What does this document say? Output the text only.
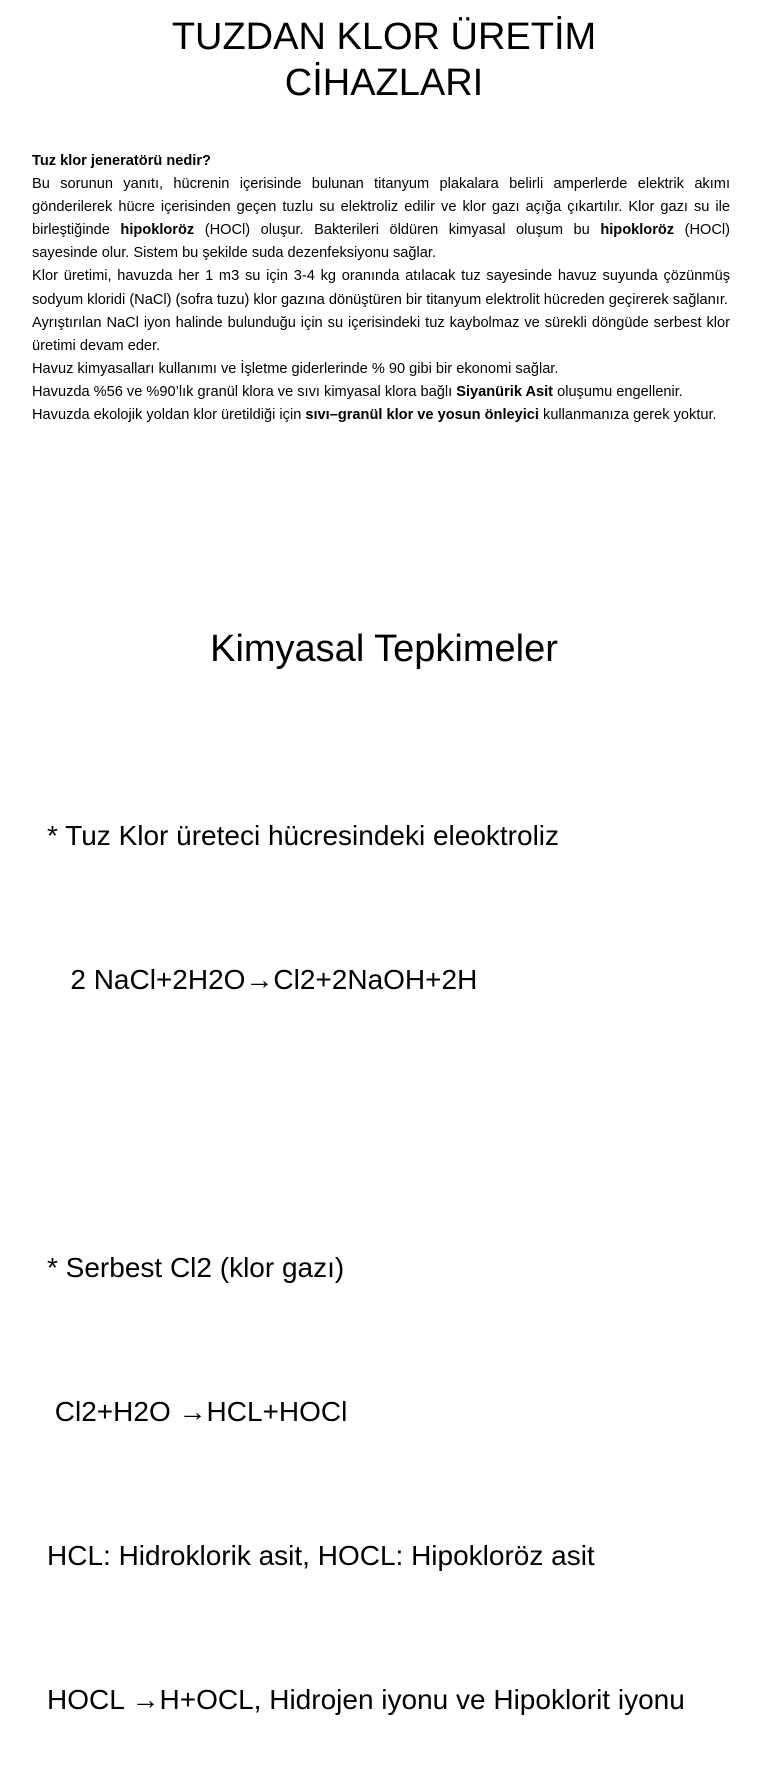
TUZDAN KLOR ÜRETİM
CİHAZLARI

Tuz klor jeneratörü nedir?

Bu sorunun yanıtı, hücrenin içerisinde bulunan titanyum plakalara belirli amperlerde elektrik akımı gönderilerek hücre içerisinden geçen tuzlu su elektroliz edilir ve klor gazı açığa çıkartılır. Klor gazı su ile birleştiğinde hipokloröz (HOCl) oluşur. Bakterileri öldüren kimyasal oluşum bu hipokloröz (HOCl) sayesinde olur. Sistem bu şekilde suda dezenfeksiyonu sağlar.

Klor üretimi, havuzda her 1 m3 su için 3-4 kg oranında atılacak tuz sayesinde havuz suyunda çözünmüş sodyum kloridi (NaCl) (sofra tuzu) klor gazına dönüştüren bir titanyum elektrolit hücreden geçirerek sağlanır.

Ayrıştırılan NaCl iyon halinde bulunduğu için su içerisindeki tuz kaybolmaz ve sürekli döngüde serbest klor üretimi devam eder.

Havuz kimyasalları kullanımı ve İşletme giderlerinde % 90 gibi bir ekonomi sağlar.

Havuzda %56 ve %90’lık granül klora ve sıvı kimyasal klora bağlı Siyanürik Asit oluşumu engellenir.

Havuzda ekolojik yoldan klor üretildiği için sıvı–granül klor ve yosun önleyici kullanmanıza gerek yoktur.

Kimyasal Tepkimeler

* Tuz Klor üreteci hücresindeki eleoktroliz

2 NaCl+2H2O→Cl2+2NaOH+2H

* Serbest Cl2 (klor gazı)

Cl2+H2O →HCL+HOCl

HCL: Hidroklorik asit, HOCL: Hipokloröz asit

HOCL →H+OCL, Hidrojen iyonu ve Hipoklorit iyonu
